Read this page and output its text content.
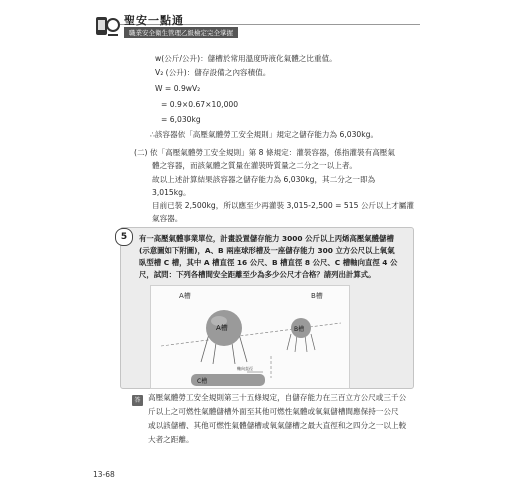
聖安一點通
職業安全衛生管理乙級檢定完全掌握
w(公斤/公升)：儲槽於常用溫度時液化氣體之比重值。
V₂ (公升)：儲存設備之內容積值。
W = 0.9wV₂
= 0.9×0.67×10,000
= 6,030kg
∴該容器依「高壓氣體勞工安全規則」規定之儲存能力為 6,030kg。
(二) 依「高壓氣體勞工安全規則」第 8 條規定：灌裝容器，係指灌裝有高壓氣
體之容器，而該氣體之質量在灌裝時質量之二分之一以上者。
故以上述計算結果該容器之儲存能力為 6,030kg，其二分之一即為
3,015kg。
目前已裝 2,500kg，所以應至少再灌裝 3,015-2,500 = 515 公斤以上才屬灌
氣容器。
5	有一高壓氣體事業單位，計畫設置儲存能力 3000 公斤以上丙烯高壓氣體儲槽
(示意圖如下附圖)，A、B 兩座球形槽及一座儲存能力 300 立方公尺以上氧氣
臥型槽 C 槽，其中 A 槽直徑 16 公尺、B 槽直徑 8 公尺、C 槽軸向直徑 4 公
尺，試問：下列各槽間安全距離至少為多少公尺才合格？請列出計算式。
A槽	B槽
A槽	B槽
C槽
軸向直徑
答 高壓氣體勞工安全規則第三十五條規定，自儲存能力在三百立方公尺或三千公
斤以上之可燃性氣體儲槽外面至其他可燃性氣體或氧氣儲槽間應保持一公尺
或以該儲槽、其他可燃性氣體儲槽或氧氣儲槽之最大直徑和之四分之一以上較
大者之距離。
13-68
